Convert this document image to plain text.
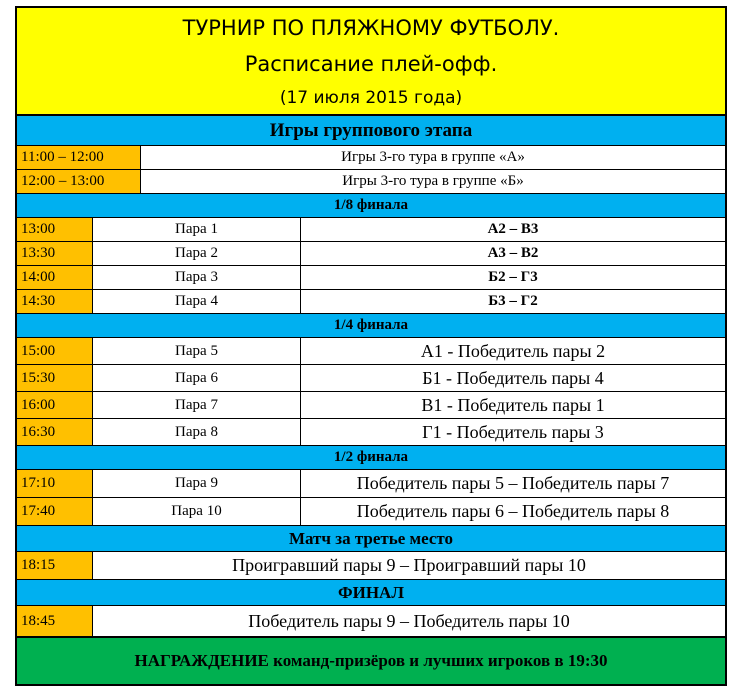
ТУРНИР ПО ПЛЯЖНОМУ ФУТБОЛУ.
Расписание плей-офф.
(17 июля 2015 года)
Игры группового этапа
11:00 – 12:00	Игры 3-го тура в группе «А»
12:00 – 13:00	Игры 3-го тура в группе «Б»
1/8 финала
13:00	Пара 1	А2 – В3
13:30	Пара 2	А3 – В2
14:00	Пара 3	Б2 – Г3
14:30	Пара 4	Б3 – Г2
1/4 финала
15:00	Пара 5	А1 - Победитель пары 2
15:30	Пара 6	Б1 - Победитель пары 4
16:00	Пара 7	В1 - Победитель пары 1
16:30	Пара 8	Г1 - Победитель пары 3
1/2 финала
17:10	Пара 9	Победитель пары 5 – Победитель пары 7
17:40	Пара 10	Победитель пары 6 – Победитель пары 8
Матч за третье место
18:15	Проигравший пары 9 – Проигравший пары 10
ФИНАЛ
18:45	Победитель пары 9 – Победитель пары 10
НАГРАЖДЕНИЕ команд-призёров и лучших игроков в 19:30
